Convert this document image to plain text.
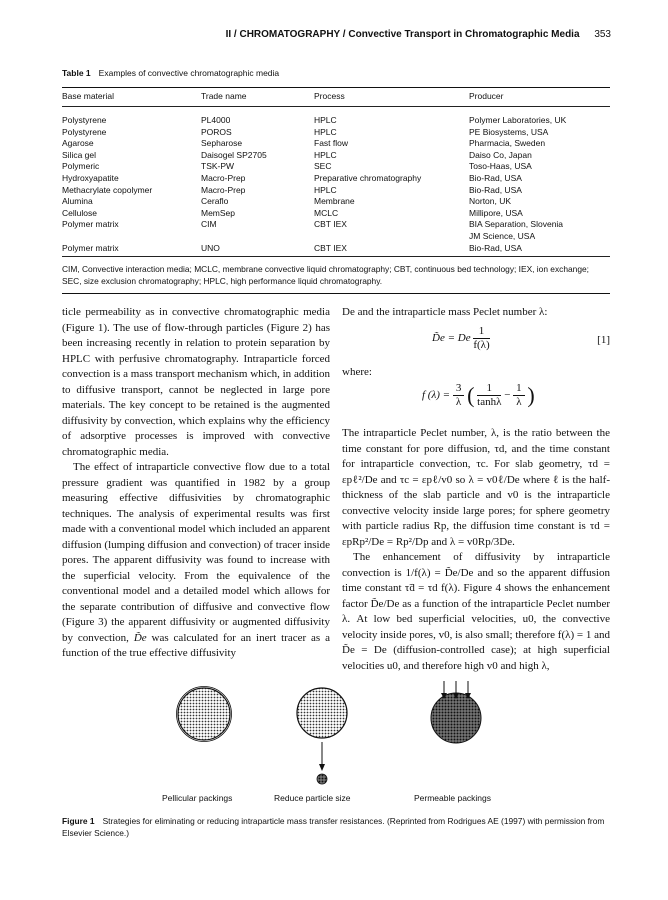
II / CHROMATOGRAPHY / Convective Transport in Chromatographic Media 353
Table 1 Examples of convective chromatographic media
Base material	Trade name	Process	Producer
Polystyrene	PL4000	HPLC	Polymer Laboratories, UK
Polystyrene	POROS	HPLC	PE Biosystems, USA
Agarose	Sepharose	Fast flow	Pharmacia, Sweden
Silica gel	Daisogel SP2705	HPLC	Daiso Co, Japan
Polymeric	TSK-PW	SEC	Toso-Haas, USA
Hydroxyapatite	Macro-Prep	Preparative chromatography	Bio-Rad, USA
Methacrylate copolymer	Macro-Prep	HPLC	Bio-Rad, USA
Alumina	Ceraflo	Membrane	Norton, UK
Cellulose	MemSep	MCLC	Millipore, USA
Polymer matrix	CIM	CBT IEX	BIA Separation, Slovenia
			JM Science, USA
Polymer matrix	UNO	CBT IEX	Bio-Rad, USA
CIM, Convective interaction media; MCLC, membrane convective liquid chromatography; CBT, continuous bed technology; IEX, ion exchange; SEC, size exclusion chromatography; HPLC, high performance liquid chromatography.

ticle permeability as in convective chromatographic media (Figure 1). The use of flow-through particles (Figure 2) has been increasing recently in relation to protein separation by HPLC with perfusive chromatography. Intraparticle forced convection is a mass transport mechanism which, in addition to diffusive transport, cannot be neglected in large pore materials. The key concept to be retained is the augmented diffusivity by convection, which explains why the efficiency of adsorptive processes is improved with convective chromatographic media.

The effect of intraparticle convective flow due to a total pressure gradient was quantified in 1982 by a group measuring effective diffusivities by chromatographic techniques. The analysis of experimental results was first made with a conventional model which included an apparent diffusion (lumping diffusion and convection) of tracer inside pores. The apparent diffusivity was found to increase with the superficial velocity. From the equivalence of the conventional model and a detailed model which allows for the separate contribution of diffusive and convective flow (Figure 3) the apparent diffusivity or augmented diffusivity by convection, D̃e was calculated for an inert tracer as a function of the true effective diffusivity

De and the intraparticle mass Peclet number λ:

D̃e = De $\frac{1}{f(\lambda)}$	[1]

where:

f $(\lambda) = \frac{3}{\lambda}$ ( $\frac{1}{\tanh\lambda} - \frac{1}{\lambda}$ )

The intraparticle Peclet number, λ, is the ratio between the time constant for pore diffusion, τd, and the time constant for intraparticle convection, τc. For slab geometry, τd = εpℓ²/De and τc = εpℓ/v0 so λ = v0ℓ/De where ℓ is the half-thickness of the slab particle and v0 is the intraparticle convective velocity inside large pores; for sphere geometry with particle radius Rp, the diffusion time constant is τd = εpRp²/De = Rp²/Dp and λ = v0Rp/3De.

The enhancement of diffusivity by intraparticle convection is 1/f(λ) = D̃e/De and so the apparent diffusion time constant τ̃d = τd f(λ). Figure 4 shows the enhancement factor D̃e/De as a function of the intraparticle Peclet number λ. At low bed superficial velocities, u0, the convective velocity inside pores, v0, is also small; therefore f(λ) = 1 and D̃e = De (diffusion-controlled case); at high superficial velocities u0, and therefore high v0 and high λ,

Pellicular packings	Reduce particle size	Permeable packings
Figure 1 Strategies for eliminating or reducing intraparticle mass transfer resistances. (Reprinted from Rodrigues AE (1997) with permission from Elsevier Science.)
